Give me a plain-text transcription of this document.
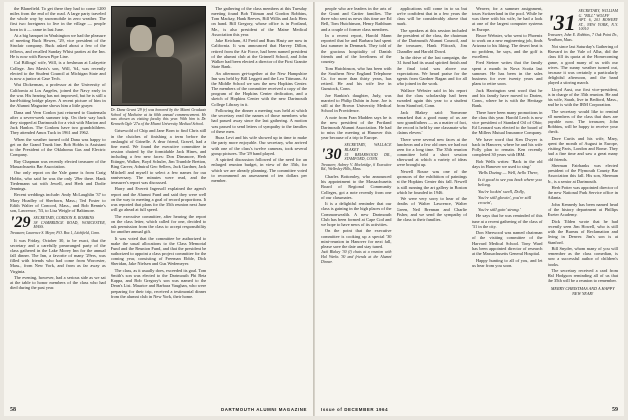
the Blanefield. To get there they had to come 1200 miles from the end of the road. A large party traveled the whole way by snowmobile in zero weather. The first two foreigners to live in the village — people born in it — came in last June.

At a big banquet in Washington we had the pleasure of meeting Buck Hewes, '29, vice president of the Sinclair company. Buck asked about a few of the fellows, and recalled Sunday Whist parties at the Inn. He is now with Brown Pipe Line.

Cal Billings' wife, Will, is a freshman at Lafayette College. Jim Mavis's son, Will, '64, was recently elected to the Student Council at Michigan State and is now a junior at Case Tech.

Wat Dickerman, a professor at the University of California at Los Angeles, joined the Navy early in the war. His hearing has not improved, but he is still a hard-hitting bridge player. A recent picture of him in the Alumni Magazine shows him a little grayer.

Dana and Vern Conlon just returned to Guatemala after a seven-week summer trip. On their way back they stopped at Dartmouth for a visit with Marion and Jack Hanlon. The Conlons have two grandchildren. They attended Amos Tuck in 1961 and 1962.

When the weather turned cold Dana was happy to get on the Grand Trunk line. Bob Hobbs is Assistant to the President of the Oklahoma Gas and Electric Company.

Ray Chapman was recently elected treasurer of the Massachusetts Bar Association.

Our only report on the Yale game is from Craig Hobbs, who said he was the only '29er there. Hank Tiedemann sat with Jewell, and Herb and Dodie Jennings.

Recent weddings include: Andy McLaughlin '37 to Mary Hoadley of Sherborn, Mass.; Ted Foster to Edith Walter of Concord, Mass., and Bob Rennie's son, Lawrence, '53, to Lisa Weigle of Baltimore.

'29 SECRETARY, GORDON R. ROBBINS
38 CAMBRIDGE ROAD, WORCESTER, MASS.
Treasurer, Laurence S. Meyer, P.O. Box 1, Litchfield, Conn.

It was Friday, October 30, to be exact, that the secretary and a carefully prearranged party of the class gathered in the Lake Morey Inn for the annual fall dinner. The Inn, a favorite of many '29ers, was filled with friends who had come from Worcester, Mass., from New York, and from as far away as Virginia.

The evening, however, had a serious side as we sat at the table to honor members of the class who had died during the past year.

Dr. Dana Grant '29 (r) was honored by the Miami Graduate School of Medicine at its 60th annual commencement. He was chosen as visiting faculty this year. With him is Dr. Kenneth Ogle '27a of the Miami University Medical School.

Grisewold of Chip and Jane Born to find Chris still in the clutches of finishing a term before the onslaught of Grinelle. A dear friend, Gravel, had a fine meal. We found the executive committee in session chaired by the formidable Jack Hines, and including a few new faces: Don Dinsmore, Herb Ettinger, Walker, Boyd Schuler, Jim Trumble Bretton, Bing Carver, Admiral Geo Sellers, Jack Gardner, Jack Mitchell and myself to select a few names for our anniversary. The minutes were read, and the treasurer's report was discussed.

Harry and Everett Ingersoll explained the agent's report and the Alumni Fund and said they were well on the way to meeting a goal of record proportions. It was reported that plans for the 35th reunion next June will go ahead at full speed.

The executive committee, after hearing the report on the class letter, which called for one, decided to ask permission from the class to accept responsibility for another annual gift.

It was voted that the committee be authorized to make the usual allocations to the Class Memorial Fund and the Reunion Fund, and that the president be authorized to appoint a class project committee for the coming year, consisting of Freeman Ebble, Dick Sheridan, Jake Nielsen and Gus Wedemeyer.

The class, as it usually does, exceeded its goal. Tom Smith's son was elected to the Dartmouth Phi Beta Kappa, and Bob Gregory's son was named to the Dean's List. Maurice and Barbara Vaughan, who were preparing for their trip, received a testimonial dinner from the alumni club in New York, their home.

The gathering of the class members at this Tuesday meeting found Bob Tittman and Gordon Robbins, Tom Mackay, Hank Reeves, Bill Willis and Jack Hess on hand. Bill Gregory, whose office is in Portland, Me., is also president of the Maine Medical Association this year.

Jake Ketcham, Al Freid and Russ Hasty are now in California. It was announced that Harvey Dillon, retired from the Air Force, had been named president of the alumni club at the Grinnell School, and John Walker had been elected a director of the First Granite State Bank.

An afternoon get-together at the New Hampshire Inn was held by Bill Leggett and the Leo Tittmans. At the Middle School we saw the new Hopkins Center. The members of the committee received a copy of the program of the Hopkins Center dedication, and a sketch of Hopkins Center with the new Dartmouth College Library in it.

Following the dinner a meeting was held at which the secretary read the names of those members who had passed away since the last gathering. A motion was passed to send letters of sympathy to the families of these men.

Buzz Levi and his wife showed up in time to make the party more enjoyable. Our secretary, who arrived with one of the class's twelve cameras, took several group pictures. The '29 band played.

A spirited discussion followed of the need for an enlarged reunion budget, in view of the 35th, for which we are already planning. The committee voted to recommend an assessment of ten dollars per member.

58	DARTMOUTH ALUMNI MAGAZINE

people who are leaders in the arts of the Grant and Cartier families. The three who sent us news this time are Ed Bell, Tom Hutchinson, Henry Rathburn and a couple of former class members.

In a recent report, Harold Mann reported that he and Barbara had spent last summer in Denmark. They told of the gracious hospitality of Danish friends and of the loveliness of the country.

Tom Hutchinson, who has been with the Southern New England Telephone Co. for more than thirty years, has retired. He and his wife live in Gunstock, Conn.

Joe Rankin's daughter, Judy, was married to Philip Dubin in June. Joe is still at the Brown University Medical School in Providence.

A note from Fran Madden says he is the new president of the Portland Dartmouth Alumni Association. He had to miss the meeting at Hanover this year because of a trip to Europe.

'30
SECRETARY, WALLACE BLAKEY
35 BRIARWOOD DR., STAMFORD, CONN.
Treasurer, Aubrey V. Mockridge, 6 Executive Rd., Wellesley Hills, Mass.

Charles Bottomley, who announced his appointment to the Massachusetts Board of Regional Community Colleges, got a note recently from one of our classmates.

It is a delightful reminder that our class is gaining in the high places of the Commonwealth. A new Dartmouth Club has been formed at Cape Cod and we hope to have news of its activities.

On the point that the executive committee is cooking up a special '30 mini-reunion in Hanover for next fall, please save the date and stay tuned.

Jack Blakey '30 (l) chats at a reunion with Hal Weeks '30 and friends at the Alumni Dinner.

applications will come in to us but we're confident that in a few years the class will be considerably above that mark.

The speakers at this session included the president of the class, the chairman of the Dartmouth Alumni Council, and the treasurer, Hank Flitcraft, Jim Chandler and Harold Dowd.

In the drive of the last campaign, the '31 fund had its usual spirited finish and the final total was above our expectations. We heard praise for the agents from Gardner Ragan and for all who joined in the work.

Wallace Webster said in his report that the class scholarship had been awarded again this year to a student from Stamford, Conn.

Jack Blakey said: 'Someone remarked that a good many of us are now grandfathers — as a matter of fact, the record is held by one classmate who claims eleven.'

There were several new faces at the luncheon and a few old ones we had not seen for a long time. The 35th reunion committee held a short session afterward at which a variety of ideas were brought up.

Newell Rouse was one of the sponsors of the exhibition of paintings at the Hopkins Center this fall. Newell is still running the art gallery in Boston which he founded in 1946.

We were very sorry to hear of the deaths of Walter Lawrence, Walter Green, Neil Brennan and Charlie Fisher, and we send the sympathy of the class to their families.

Weaver, for a summer assignment, tours Switzerland in the pool. While he was there with his wife, he had a look at one of the largest computer systems in Europe.

Bruce Webster, who went to Phoenix to work on a new engineering job, finds Arizona to his liking. The desert heat is no problem, he says, and the golf is excellent.

Fred Steiner writes that the family spent a month in Nova Scotia last summer. He has been in the sales business for over twenty years and plans to retire soon.

Jack Harrington sent word that he and his family have moved to Darien, Conn., where he is with the Heritage Bank.

There have been many promotions in the class this year. Harold Lerch is now vice president of Standard Oil of Ohio; Ed Leonard was elected to the board of the Millers Mutual Insurance Company.

We have word that Ken Dwyer is back in Hanover, where he and his wife Polly plan to remain. Ken recently completed 30 years with IBM.

Bob Wells writes: 'Back in the old days in Hanover we used to sing:'

'Bells Dozing — Well, hello There,

Is it good to see you back where you belong.

You're lookin' swell, Dolly,

You're still glowin', you're still crowin',

You're still goin' strong.'

He says that he was reminded of this tune at a recent gathering of the class of '31 in the city.

Don Sherwood was named chairman of the visiting committee of the Harvard Medical School. Tony Ward has been appointed director of research at the Massachusetts General Hospital.

Happy hunting to all of you, and let us hear from you soon.

'31 SECRETARY, WILLIAM G. "BILL" WOLFF
APT. 6, 201 BOWERY ST., NEW YORK, N.Y. 10010
Treasurer, John E. Robbins, 7 Oak Point Dr., Needham, Mass.

Not since last Saturday's Gathering of Harvard in the Vale of Alba, did the class fill its quota at the Homecoming game, a good many of us with our wives. The sunny weather turned out, because it was certainly a particularly delightful afternoon, and the band played a stirring march.

Lloyd Aust, our first vice-president, is in charge of the 35th reunion. He and his wife, Sarah, live in Bedford, Mass., and he is with the IBM Corporation.

The secretary would like to remind all members of the class that dues are payable now. The treasurer, John Robbins, will be happy to receive your check.

Dave Curtis and his wife, Mary, spent the month of August in Europe, visiting Paris, London and Rome. They had a fine time and saw a great many old friends.

Sherman Fairbanks was elected president of the Plymouth County Bar Association this fall. His son, Sherman Jr., is a senior at Dartmouth.

Herb Potter was appointed director of the new National Park Service office in Atlanta.

John Kennedy has been named head of the history department at Phillips Exeter Academy.

Dick Tilden wrote that he had recently seen Jim Howell, who is still with the Bureau of Reclamation and living in Denver. Jim's son is at Stanford.

Bill Snyder, whom many of you will remember as the class comedian, is now a successful author of children's books.

The secretary received a card from Hal Hodgson reminding all of us that the 35th will be a reunion to remember.

MERRY CHRISTMAS AND A HAPPY NEW YEAR!

Issue of DECEMBER 1964	59
